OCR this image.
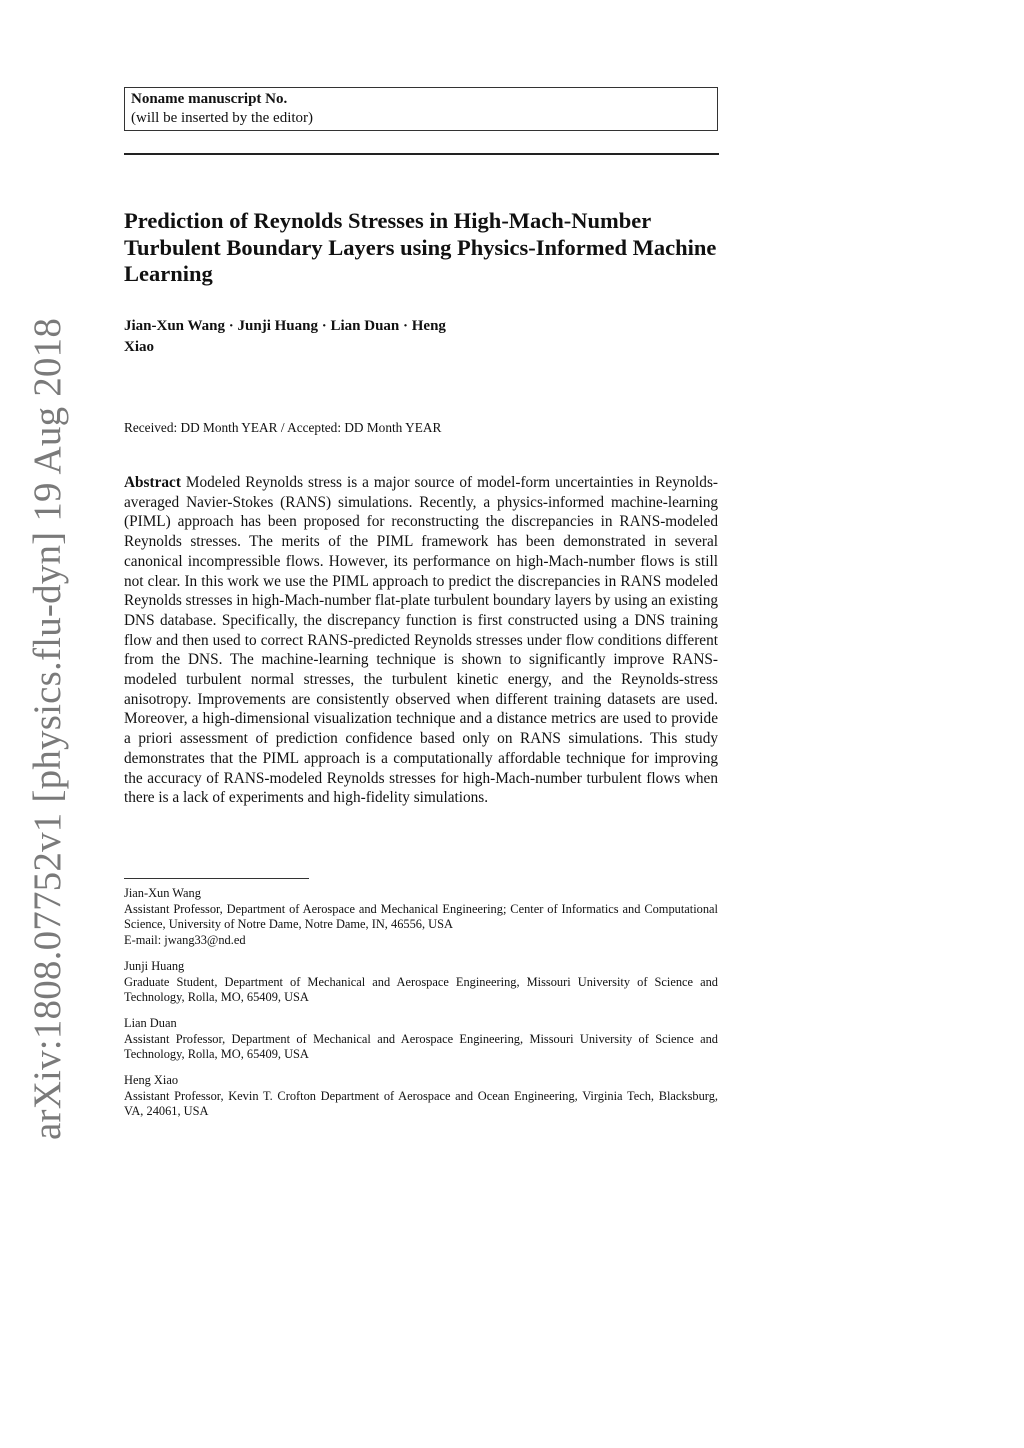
arXiv:1808.07752v1 [physics.flu-dyn] 19 Aug 2018
Noname manuscript No.
(will be inserted by the editor)
Prediction of Reynolds Stresses in High-Mach-Number Turbulent Boundary Layers using Physics-Informed Machine Learning
Jian-Xun Wang · Junji Huang · Lian Duan · Heng Xiao
Received: DD Month YEAR / Accepted: DD Month YEAR
Abstract Modeled Reynolds stress is a major source of model-form uncertainties in Reynolds-averaged Navier-Stokes (RANS) simulations. Recently, a physics-informed machine-learning (PIML) approach has been proposed for reconstructing the discrepancies in RANS-modeled Reynolds stresses. The merits of the PIML framework has been demonstrated in several canonical incompressible flows. However, its performance on high-Mach-number flows is still not clear. In this work we use the PIML approach to predict the discrepancies in RANS modeled Reynolds stresses in high-Mach-number flat-plate turbulent boundary layers by using an existing DNS database. Specifically, the discrepancy function is first constructed using a DNS training flow and then used to correct RANS-predicted Reynolds stresses under flow conditions different from the DNS. The machine-learning technique is shown to significantly improve RANS-modeled turbulent normal stresses, the turbulent kinetic energy, and the Reynolds-stress anisotropy. Improvements are consistently observed when different training datasets are used. Moreover, a high-dimensional visualization technique and a distance metrics are used to provide a priori assessment of prediction confidence based only on RANS simulations. This study demonstrates that the PIML approach is a computationally affordable technique for improving the accuracy of RANS-modeled Reynolds stresses for high-Mach-number turbulent flows when there is a lack of experiments and high-fidelity simulations.
Jian-Xun Wang
Assistant Professor, Department of Aerospace and Mechanical Engineering; Center of Informatics and Computational Science, University of Notre Dame, Notre Dame, IN, 46556, USA
E-mail: jwang33@nd.ed
Junji Huang
Graduate Student, Department of Mechanical and Aerospace Engineering, Missouri University of Science and Technology, Rolla, MO, 65409, USA
Lian Duan
Assistant Professor, Department of Mechanical and Aerospace Engineering, Missouri University of Science and Technology, Rolla, MO, 65409, USA
Heng Xiao
Assistant Professor, Kevin T. Crofton Department of Aerospace and Ocean Engineering, Virginia Tech, Blacksburg, VA, 24061, USA
